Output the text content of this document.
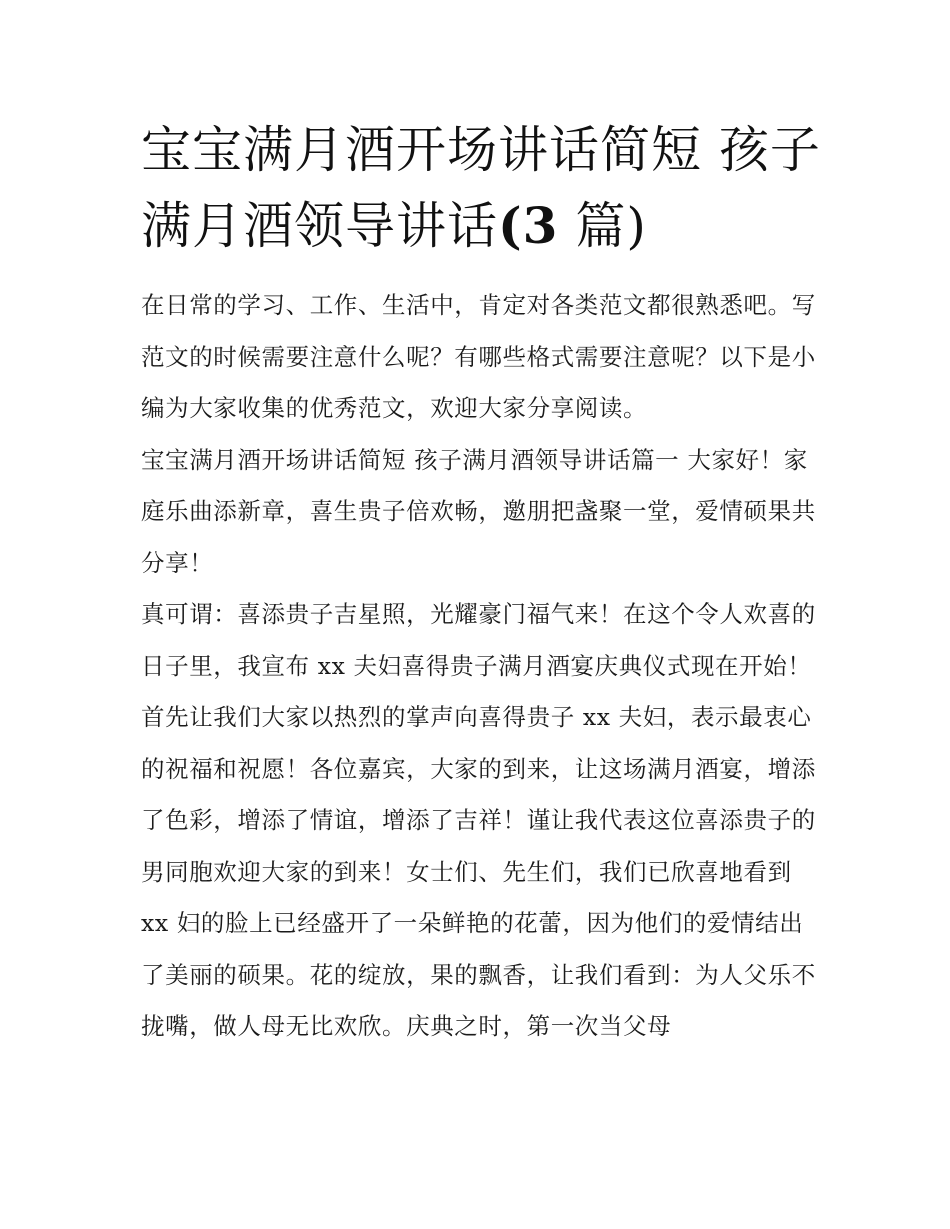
宝宝满月酒开场讲话简短 孩子满月酒领导讲话(3 篇)

在日常的学习、工作、生活中，肯定对各类范文都很熟悉吧。写范文的时候需要注意什么呢？有哪些格式需要注意呢？以下是小编为大家收集的优秀范文，欢迎大家分享阅读。

宝宝满月酒开场讲话简短 孩子满月酒领导讲话篇一 大家好！家庭乐曲添新章，喜生贵子倍欢畅，邀朋把盏聚一堂，爱情硕果共分享！

真可谓：喜添贵子吉星照，光耀豪门福气来！在这个令人欢喜的日子里，我宣布 xx 夫妇喜得贵子满月酒宴庆典仪式现在开始！

首先让我们大家以热烈的掌声向喜得贵子 xx 夫妇，表示最衷心的祝福和祝愿！各位嘉宾，大家的到来，让这场满月酒宴，增添了色彩，增添了情谊，增添了吉祥！谨让我代表这位喜添贵子的男同胞欢迎大家的到来！女士们、先生们，我们已欣喜地看到 xx 妇的脸上已经盛开了一朵鲜艳的花蕾，因为他们的爱情结出了美丽的硕果。花的绽放，果的飘香，让我们看到：为人父乐不拢嘴，做人母无比欢欣。庆典之时，第一次当父母
